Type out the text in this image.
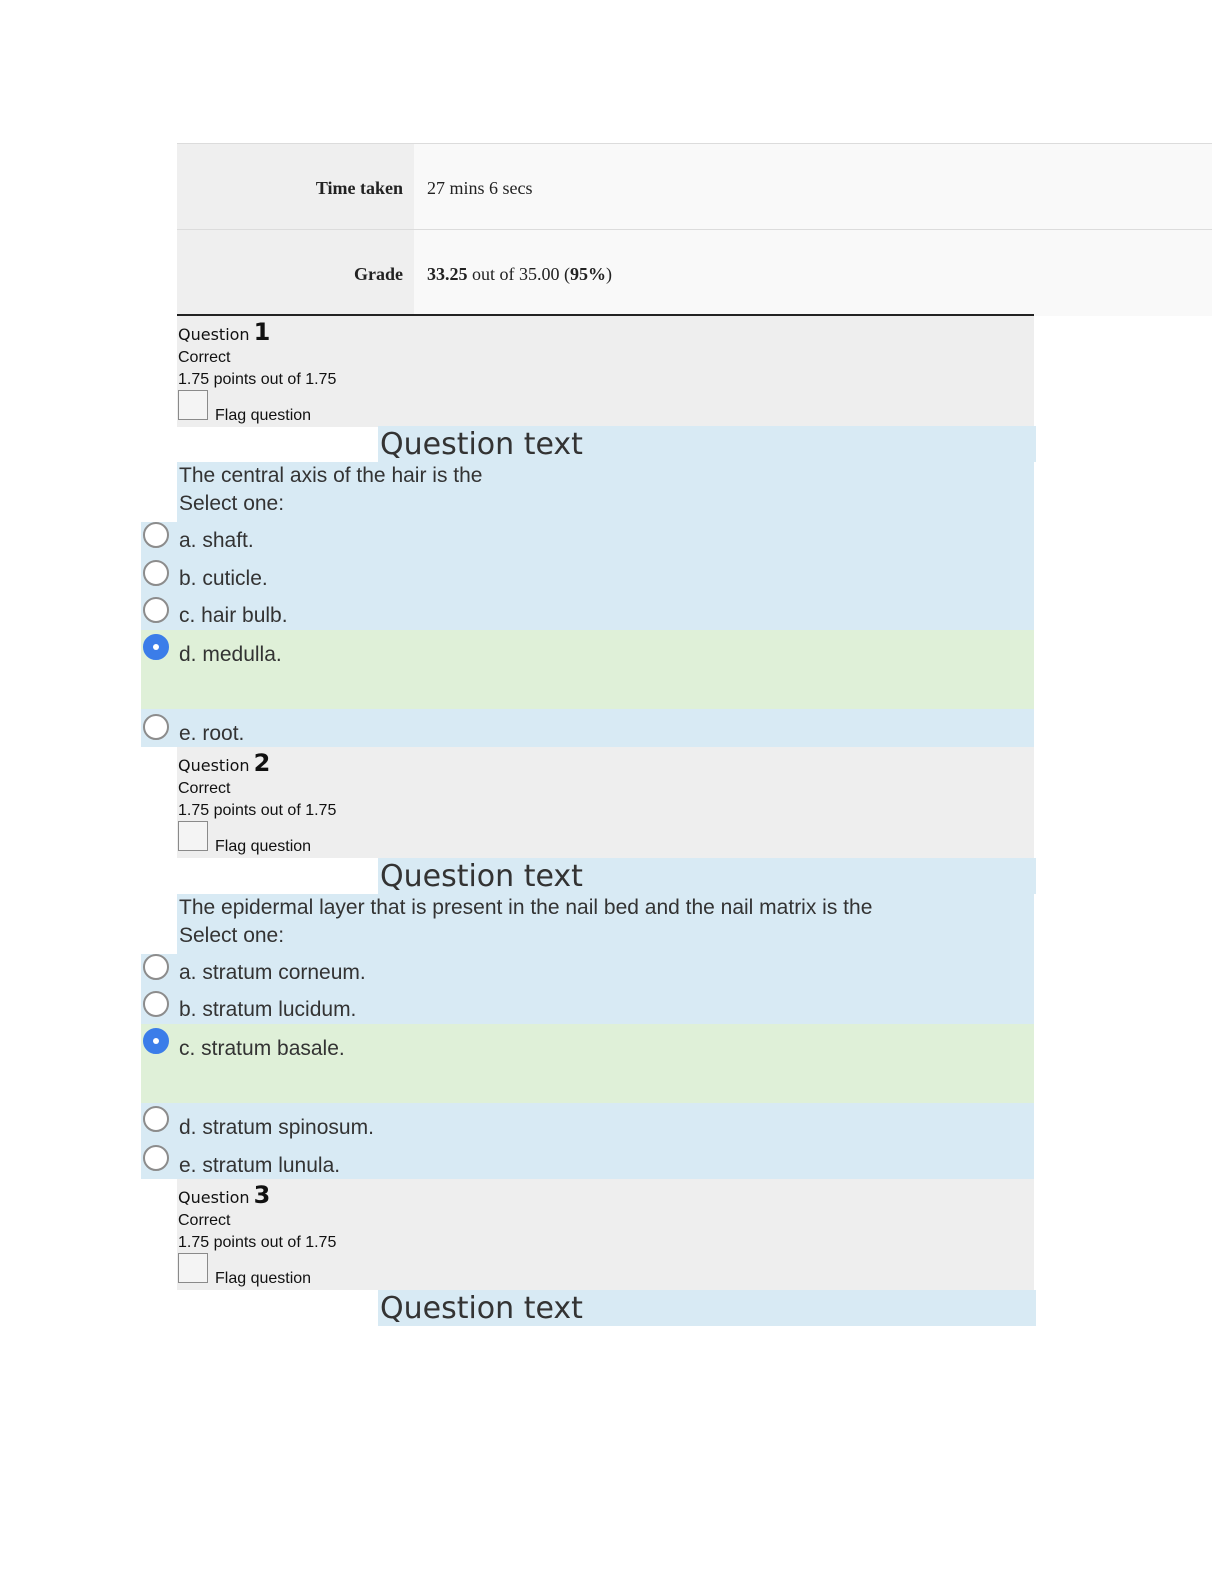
Time taken	27 mins 6 secs
Grade	33.25 out of 35.00 (95%)
Question 1
Correct
1.75 points out of 1.75
Flag question
Question text
The central axis of the hair is the
Select one:
a. shaft.
b. cuticle.
c. hair bulb.
d. medulla.
e. root.
Question 2
Correct
1.75 points out of 1.75
Flag question
Question text
The epidermal layer that is present in the nail bed and the nail matrix is the
Select one:
a. stratum corneum.
b. stratum lucidum.
c. stratum basale.
d. stratum spinosum.
e. stratum lunula.
Question 3
Correct
1.75 points out of 1.75
Flag question
Question text
